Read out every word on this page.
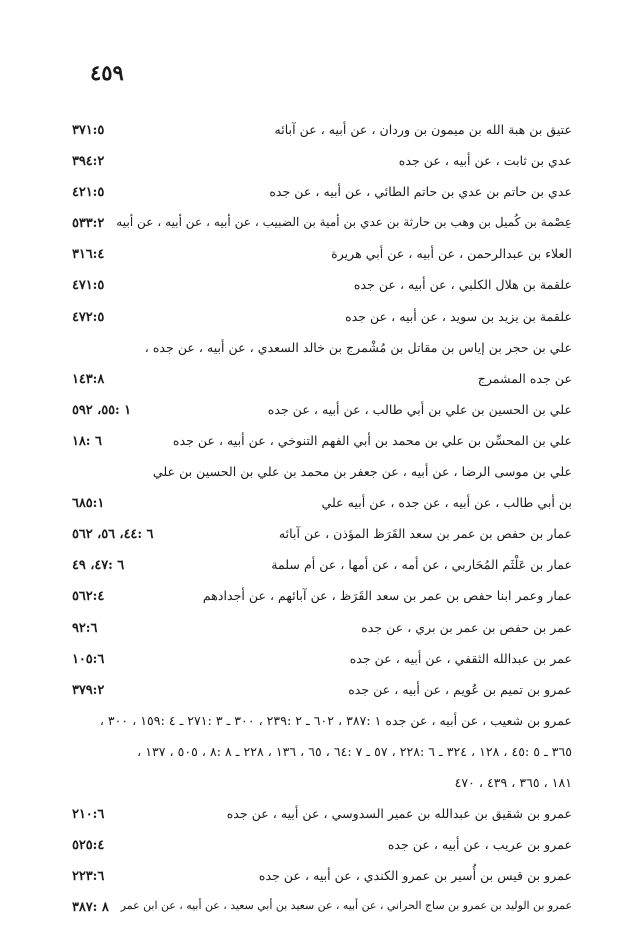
٤٥٩
عتيق بن هبة الله بن ميمون بن وردان ، عن أبيه ، عن آبائه
٣٧١:٥
عدي بن ثابت ، عن أبيه ، عن جده
٣٩٤:٢
عدي بن حاتم بن عدي بن حاتم الطائي ، عن أبيه ، عن جده
٤٢١:٥
عِصْمة بن كُميل بن وهب بن حارثة بن عدي بن أمية بن الضبيب ، عن أبيه ، عن أبيه ، عن أبيه
٥٣٣:٢
العلاء بن عبدالرحمن ، عن أبيه ، عن أبي هريرة
٣١٦:٤
علقمة بن هلال الكلبي ، عن أبيه ، عن جده
٤٧١:٥
علقمة بن يزيد بن سويد ، عن أبيه ، عن جده
٤٧٢:٥
علي بن حجر بن إياس بن مقاتل بن مُشْمرج بن خالد السعدي ، عن أبيه ، عن جده ،
عن جده المشمرج
١٤٣:٨
علي بن الحسين بن علي بن أبي طالب ، عن أبيه ، عن جده
١ :٥٥، ٥٩٢
علي بن المحسِّن بن علي بن محمد بن أبي الفهم التنوخي ، عن أبيه ، عن جده
٦ :١٨
علي بن موسى الرضا ، عن أبيه ، عن جعفر بن محمد بن علي بن الحسين بن علي
بن أبي طالب ، عن أبيه ، عن جده ، عن أبيه علي
٦٨٥:١
عمار بن حفص بن عمر بن سعد القَرَظ المؤذن ، عن آبائه
٦ :٤٤، ٥٦، ٥٦٢
عمار بن عَلْثَم المُحَاربي ، عن أمه ، عن أمها ، عن أم سلمة
٦ :٤٧، ٤٩
عمار وعمر ابنا حفص بن عمر بن سعد القَرَظ ، عن آبائهم ، عن أجدادهم
٥٦٢:٤
عمر بن حفص بن عمر بن بري ، عن جده
٩٢:٦
عمر بن عبدالله الثقفي ، عن أبيه ، عن جده
١٠٥:٦
عمرو بن تميم بن عُويم ، عن أبيه ، عن جده
٣٧٩:٢
عمرو بن شعيب ، عن أبيه ، عن جده ١ :٣٨٧ ، ٦٠٢ ـ ٢ :٢٣٩ ، ٣٠٠ ـ ٣ :٢٧١ ـ ٤ :١٥٩ ، ٣٠٠ ،
٣٦٥ ـ ٥ :٤٥ ، ١٢٨ ، ٣٢٤ ـ ٦ :٢٢٨ ، ٥٧ ـ ٧ :٦٤ ، ٦٥ ، ١٣٦ ، ٢٢٨ ـ ٨ :٨ ، ٥٠٥ ، ١٣٧ ،
١٨١ ، ٣٦٥ ، ٤٣٩ ، ٤٧٠
عمرو بن شقيق بن عبدالله بن عمير السدوسي ، عن أبيه ، عن جده
٢١٠:٦
عمرو بن عريب ، عن أبيه ، عن جده
٥٢٥:٤
عمرو بن قيس بن أُسير بن عمرو الكندي ، عن أبيه ، عن جده
٢٢٣:٦
عمرو بن الوليد بن عمرو بن ساج الحراني ، عن أبيه ، عن سعيد بن أبي سعيد ، عن أبيه ، عن ابن عمر
٨ :٣٨٧
